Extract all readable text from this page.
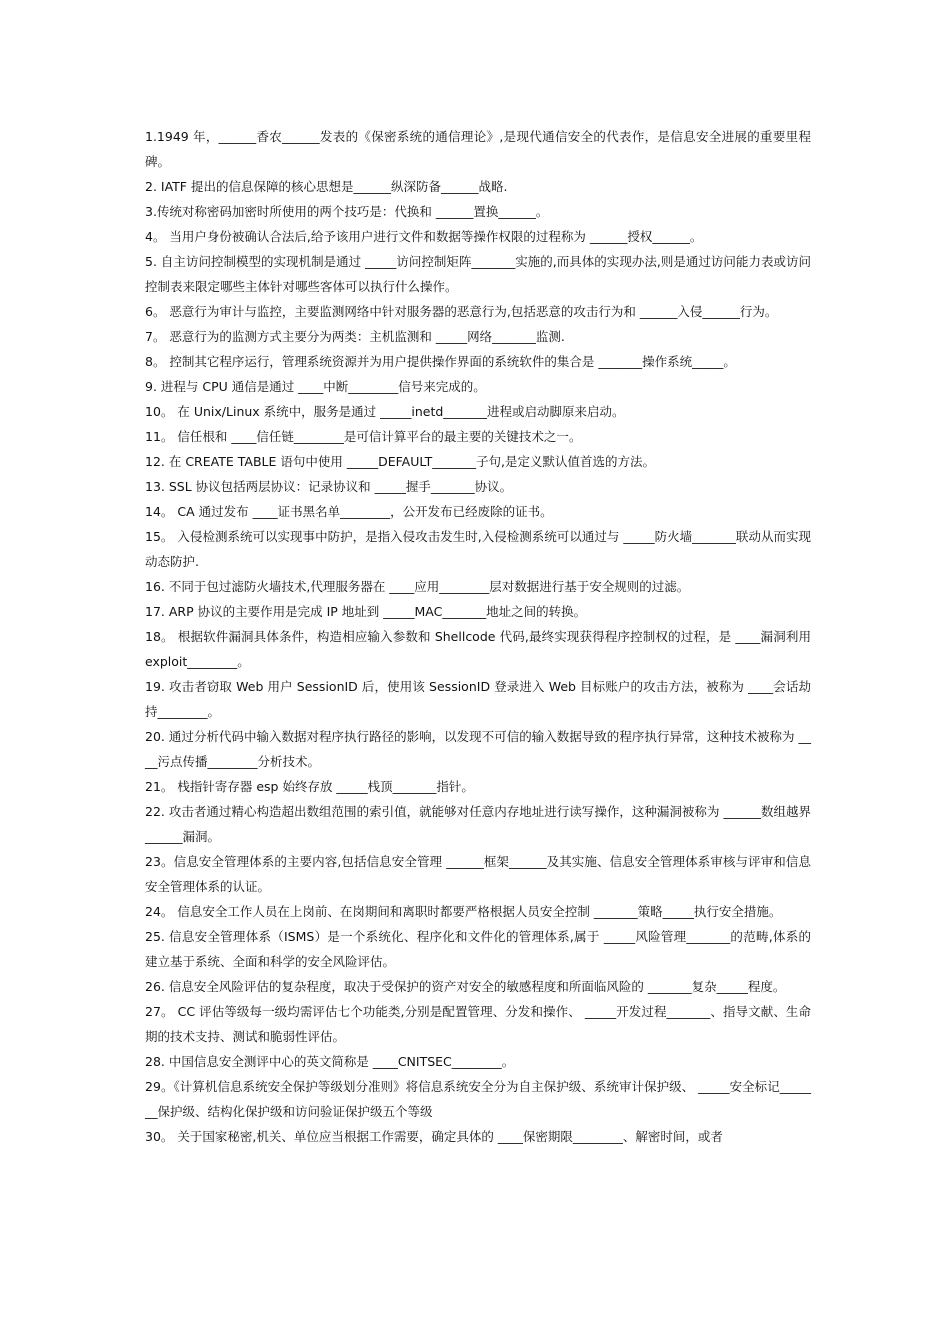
1.1949 年，______香农______发表的《保密系统的通信理论》,是现代通信安全的代表作，是信息安全进展的重要里程碑。

2. IATF 提出的信息保障的核心思想是______纵深防备______战略.

3.传统对称密码加密时所使用的两个技巧是：代换和 ______置换______。

4。 当用户身份被确认合法后,给予该用户进行文件和数据等操作权限的过程称为 ______授权______。

5. 自主访问控制模型的实现机制是通过 _____访问控制矩阵_______实施的,而具体的实现办法,则是通过访问能力表或访问控制表来限定哪些主体针对哪些客体可以执行什么操作。

6。 恶意行为审计与监控，主要监测网络中针对服务器的恶意行为,包括恶意的攻击行为和 ______入侵______行为。

7。 恶意行为的监测方式主要分为两类：主机监测和 _____网络_______监测.

8。 控制其它程序运行，管理系统资源并为用户提供操作界面的系统软件的集合是 _______操作系统_____。

9. 进程与 CPU 通信是通过 ____中断________信号来完成的。

10。 在 Unix/Linux 系统中，服务是通过 _____inetd_______进程或启动脚原来启动。

11。 信任根和 ____信任链________是可信计算平台的最主要的关键技术之一。

12. 在 CREATE TABLE 语句中使用 _____DEFAULT_______子句,是定义默认值首选的方法。

13. SSL 协议包括两层协议：记录协议和 _____握手_______协议。

14。 CA 通过发布 ____证书黑名单________，公开发布已经废除的证书。

15。 入侵检测系统可以实现事中防护，是指入侵攻击发生时,入侵检测系统可以通过与 _____防火墙_______联动从而实现动态防护.

16. 不同于包过滤防火墙技术,代理服务器在 ____应用________层对数据进行基于安全规则的过滤。

17. ARP 协议的主要作用是完成 IP 地址到 _____MAC_______地址之间的转换。

18。 根据软件漏洞具体条件，构造相应输入参数和 Shellcode 代码,最终实现获得程序控制权的过程，是 ____漏洞利用 exploit________。

19. 攻击者窃取 Web 用户 SessionID 后，使用该 SessionID 登录进入 Web 目标账户的攻击方法，被称为 ____会话劫持________。

20. 通过分析代码中输入数据对程序执行路径的影响，以发现不可信的输入数据导致的程序执行异常，这种技术被称为 ____污点传播________分析技术。

21。 栈指针寄存器 esp 始终存放 _____栈顶_______指针。

22. 攻击者通过精心构造超出数组范围的索引值，就能够对任意内存地址进行读写操作，这种漏洞被称为 ______数组越界______漏洞。

23。信息安全管理体系的主要内容,包括信息安全管理 ______框架______及其实施、信息安全管理体系审核与评审和信息安全管理体系的认证。

24。 信息安全工作人员在上岗前、在岗期间和离职时都要严格根据人员安全控制 _______策略_____执行安全措施。

25. 信息安全管理体系（ISMS）是一个系统化、程序化和文件化的管理体系,属于 _____风险管理_______的范畴,体系的建立基于系统、全面和科学的安全风险评估。

26. 信息安全风险评估的复杂程度，取决于受保护的资产对安全的敏感程度和所面临风险的 _______复杂_____程度。

27。 CC 评估等级每一级均需评估七个功能类,分别是配置管理、分发和操作、 _____开发过程_______、指导文献、生命期的技术支持、测试和脆弱性评估。

28. 中国信息安全测评中心的英文简称是 ____CNITSEC________。

29。《计算机信息系统安全保护等级划分准则》将信息系统安全分为自主保护级、系统审计保护级、 _____安全标记_______保护级、结构化保护级和访问验证保护级五个等级

30。 关于国家秘密,机关、单位应当根据工作需要，确定具体的 ____保密期限________、解密时间，或者
